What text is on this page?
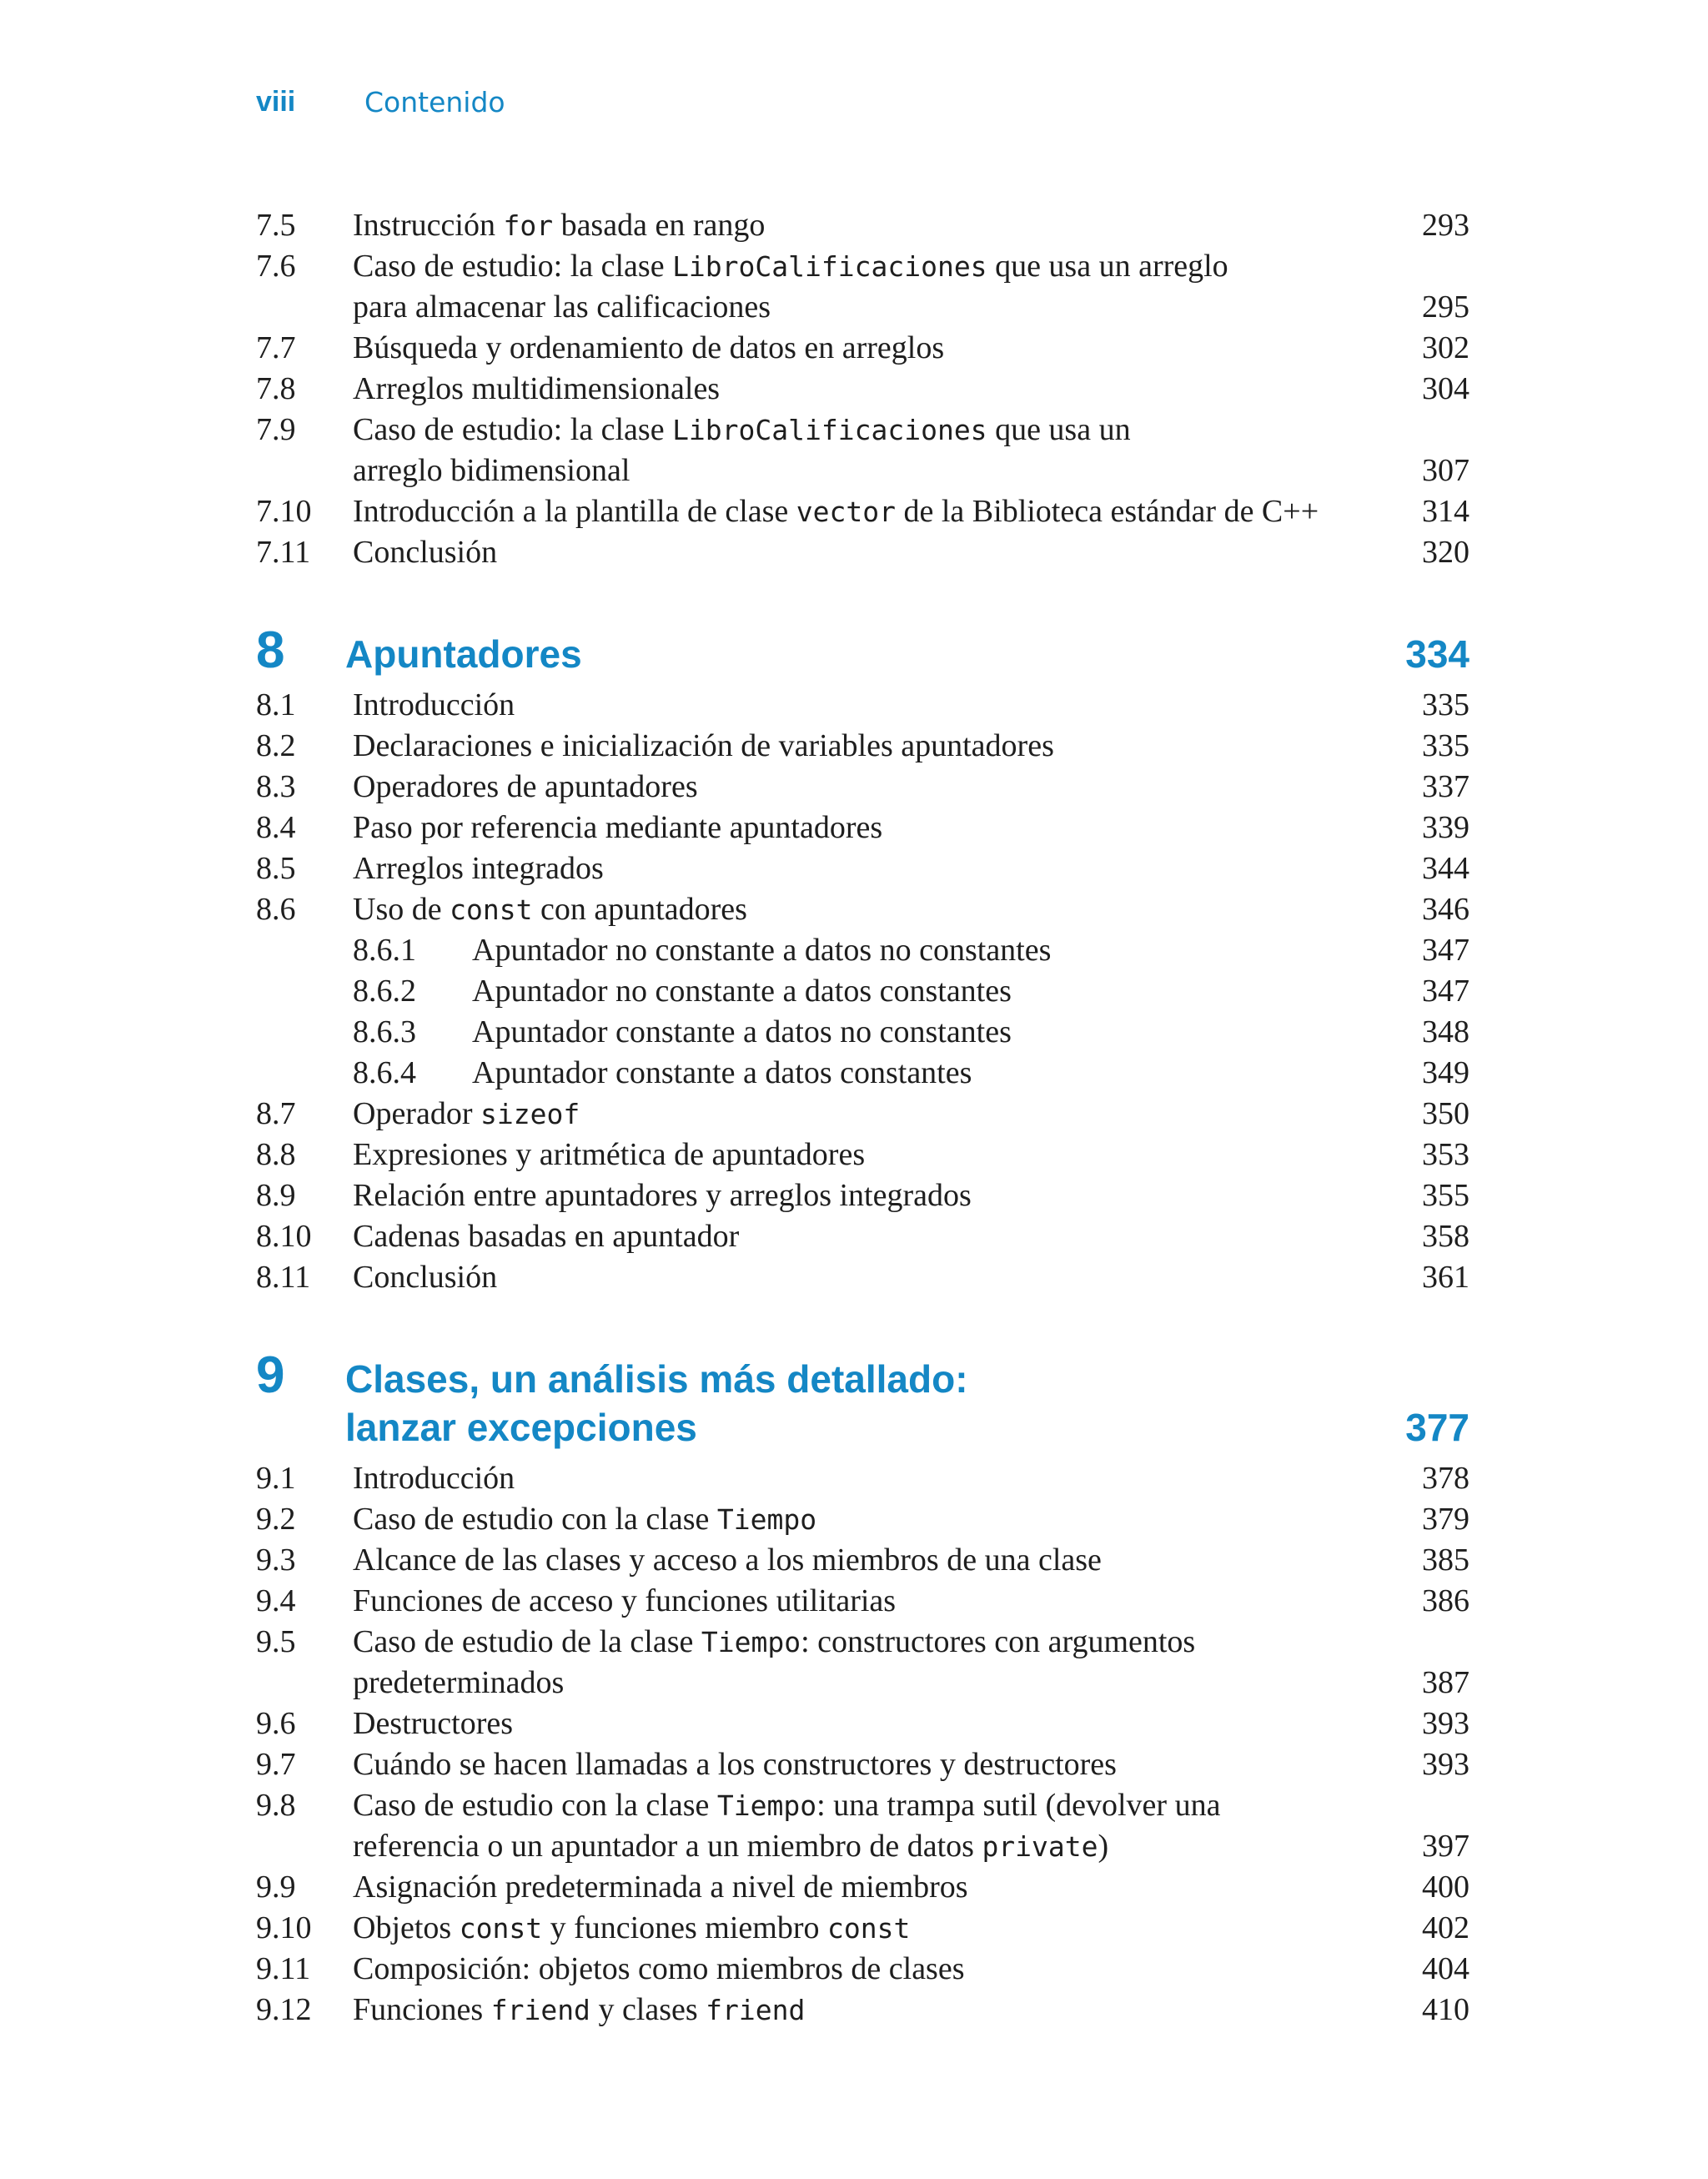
viii	Contenido
7.5 Instrucción for basada en rango	293
7.6 Caso de estudio: la clase LibroCalificaciones que usa un arreglo
para almacenar las calificaciones	295
7.7 Búsqueda y ordenamiento de datos en arreglos	302
7.8 Arreglos multidimensionales	304
7.9 Caso de estudio: la clase LibroCalificaciones que usa un
arreglo bidimensional	307
7.10 Introducción a la plantilla de clase vector de la Biblioteca estándar de C++	314
7.11 Conclusión	320
8 Apuntadores	334
8.1 Introducción	335
8.2 Declaraciones e inicialización de variables apuntadores	335
8.3 Operadores de apuntadores	337
8.4 Paso por referencia mediante apuntadores	339
8.5 Arreglos integrados	344
8.6 Uso de const con apuntadores	346
8.6.1 Apuntador no constante a datos no constantes	347
8.6.2 Apuntador no constante a datos constantes	347
8.6.3 Apuntador constante a datos no constantes	348
8.6.4 Apuntador constante a datos constantes	349
8.7 Operador sizeof	350
8.8 Expresiones y aritmética de apuntadores	353
8.9 Relación entre apuntadores y arreglos integrados	355
8.10 Cadenas basadas en apuntador	358
8.11 Conclusión	361
9 Clases, un análisis más detallado:
lanzar excepciones	377
9.1 Introducción	378
9.2 Caso de estudio con la clase Tiempo	379
9.3 Alcance de las clases y acceso a los miembros de una clase	385
9.4 Funciones de acceso y funciones utilitarias	386
9.5 Caso de estudio de la clase Tiempo: constructores con argumentos
predeterminados	387
9.6 Destructores	393
9.7 Cuándo se hacen llamadas a los constructores y destructores	393
9.8 Caso de estudio con la clase Tiempo: una trampa sutil (devolver una
referencia o un apuntador a un miembro de datos private)	397
9.9 Asignación predeterminada a nivel de miembros	400
9.10 Objetos const y funciones miembro const	402
9.11 Composición: objetos como miembros de clases	404
9.12 Funciones friend y clases friend	410
